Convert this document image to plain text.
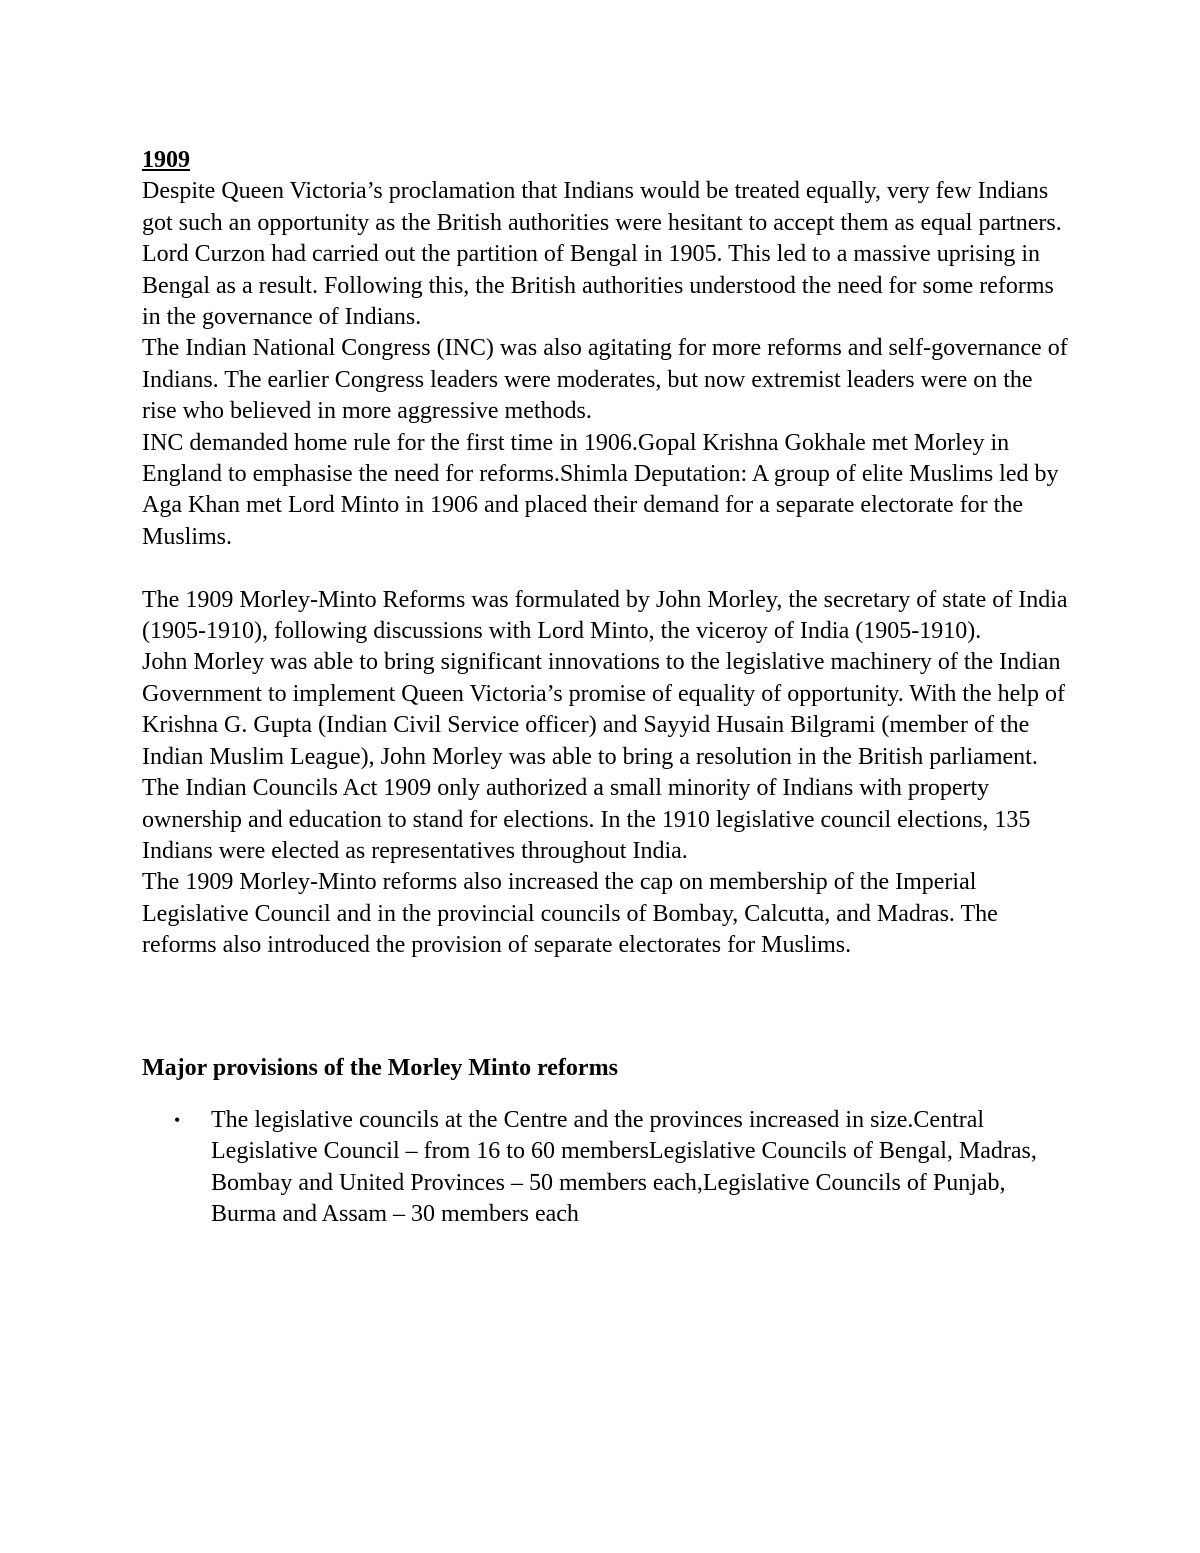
1909

Despite Queen Victoria’s proclamation that Indians would be treated equally, very few Indians got such an opportunity as the British authorities were hesitant to accept them as equal partners.

Lord Curzon had carried out the partition of Bengal in 1905. This led to a massive uprising in Bengal as a result. Following this, the British authorities understood the need for some reforms in the governance of Indians.

The Indian National Congress (INC) was also agitating for more reforms and self-governance of Indians. The earlier Congress leaders were moderates, but now extremist leaders were on the rise who believed in more aggressive methods.

INC demanded home rule for the first time in 1906.Gopal Krishna Gokhale met Morley in England to emphasise the need for reforms.Shimla Deputation: A group of elite Muslims led by Aga Khan met Lord Minto in 1906 and placed their demand for a separate electorate for the Muslims.

The 1909 Morley-Minto Reforms was formulated by John Morley, the secretary of state of India (1905-1910), following discussions with Lord Minto, the viceroy of India (1905-1910).

John Morley was able to bring significant innovations to the legislative machinery of the Indian Government to implement Queen Victoria’s promise of equality of opportunity. With the help of Krishna G. Gupta (Indian Civil Service officer) and Sayyid Husain Bilgrami (member of the Indian Muslim League), John Morley was able to bring a resolution in the British parliament.

The Indian Councils Act 1909 only authorized a small minority of Indians with property ownership and education to stand for elections. In the 1910 legislative council elections, 135 Indians were elected as representatives throughout India.

The 1909 Morley-Minto reforms also increased the cap on membership of the Imperial Legislative Council and in the provincial councils of Bombay, Calcutta, and Madras. The reforms also introduced the provision of separate electorates for Muslims.

Major provisions of the Morley Minto reforms

• The legislative councils at the Centre and the provinces increased in size.Central Legislative Council – from 16 to 60 membersLegislative Councils of Bengal, Madras, Bombay and United Provinces – 50 members each,Legislative Councils of Punjab, Burma and Assam – 30 members each
